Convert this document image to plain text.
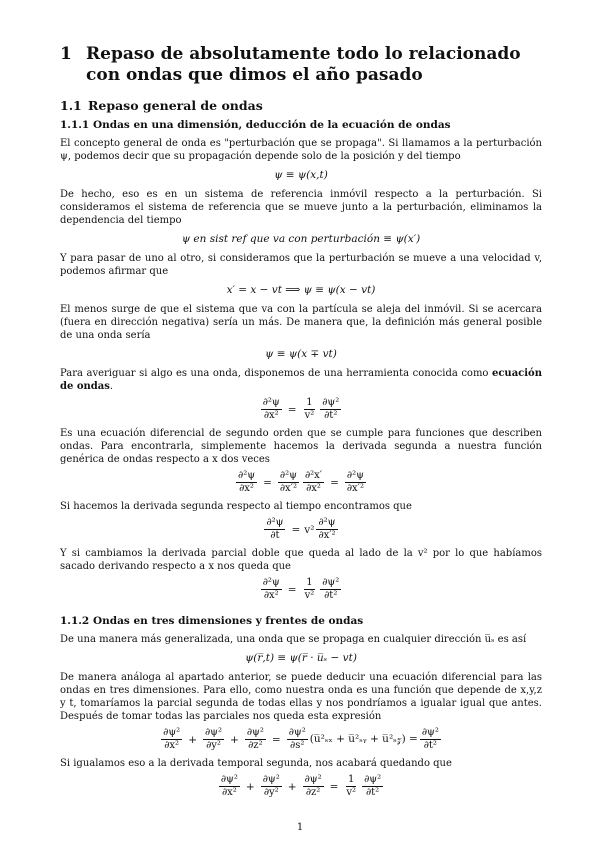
1 Repaso de absolutamente todo lo relacionado con ondas que dimos el año pasado
1.1 Repaso general de ondas
1.1.1 Ondas en una dimensión, deducción de la ecuación de ondas

El concepto general de onda es "perturbación que se propaga". Si llamamos a la perturbación ψ, podemos decir que su propagación depende solo de la posición y del tiempo

ψ ≡ ψ(x,t)

De hecho, eso es en un sistema de referencia inmóvil respecto a la perturbación. Si consideramos el sistema de referencia que se mueve junto a la perturbación, eliminamos la dependencia del tiempo

ψ en sist ref que va con perturbación ≡ ψ(x′)

Y para pasar de uno al otro, si consideramos que la perturbación se mueve a una velocidad v, podemos afirmar que

x′ = x − vt ⟹ ψ ≡ ψ(x − vt)

El menos surge de que el sistema que va con la partícula se aleja del inmóvil. Si se acercara (fuera en dirección negativa) sería un más. De manera que, la definición más general posible de una onda sería

ψ ≡ ψ(x ∓ vt)

Para averiguar si algo es una onda, disponemos de una herramienta conocida como ecuación de ondas.

$\frac{\text{∂²ψ}}{\text{∂x²}} = \frac{1}{\text{v²}} \frac{\text{∂ψ²}}{\text{∂t²}}$

Es una ecuación diferencial de segundo orden que se cumple para funciones que describen ondas. Para encontrarla, simplemente hacemos la derivada segunda a nuestra función genérica de ondas respecto a x dos veces

$\frac{\text{∂²ψ}}{\text{∂x²}} = \frac{\text{∂²ψ}}{\text{∂x′²}} \frac{\text{∂²x′}}{\text{∂x²}} = \frac{\text{∂²ψ}}{\text{∂x′²}}$

Si hacemos la derivada segunda respecto al tiempo encontramos que

$\frac{\text{∂²ψ}}{\partial t} = v^2 \frac{\text{∂²ψ}}{\text{∂x′²}}$

Y si cambiamos la derivada parcial doble que queda al lado de la v² por lo que habíamos sacado derivando respecto a x nos queda que

$\frac{\text{∂²ψ}}{\text{∂x²}} = \frac{1}{\text{v²}} \frac{\text{∂ψ²}}{\text{∂t²}}$
1.1.2 Ondas en tres dimensiones y frentes de ondas

De una manera más generalizada, una onda que se propaga en cualquier dirección u̅ₛ es así

ψ(r̅,t) ≡ ψ(r̅ · u̅ₛ − vt)

De manera análoga al apartado anterior, se puede deducir una ecuación diferencial para las ondas en tres dimensiones. Para ello, como nuestra onda es una función que depende de x,y,z y t, tomaríamos la parcial segunda de todas ellas y nos pondríamos a igualar igual que antes. Después de tomar todas las parciales nos queda esta expresión

$\frac{\text{∂ψ²}}{\text{∂x²}} + \frac{\text{∂ψ²}}{\text{∂y²}} + \frac{\text{∂ψ²}}{\text{∂z²}} = \frac{\text{∂ψ²}}{\text{∂s²}}$ (u̅²ₛₓ + u̅²ₛᵧ + u̅²ₛ𝓏) = $\frac{\text{∂ψ²}}{\text{∂t²}}$

Si igualamos eso a la derivada temporal segunda, nos acabará quedando que

$\frac{\text{∂ψ²}}{\text{∂x²}} + \frac{\text{∂ψ²}}{\text{∂y²}} + \frac{\text{∂ψ²}}{\text{∂z²}} = \frac{1}{\text{v²}} \frac{\text{∂ψ²}}{\text{∂t²}}$
1
